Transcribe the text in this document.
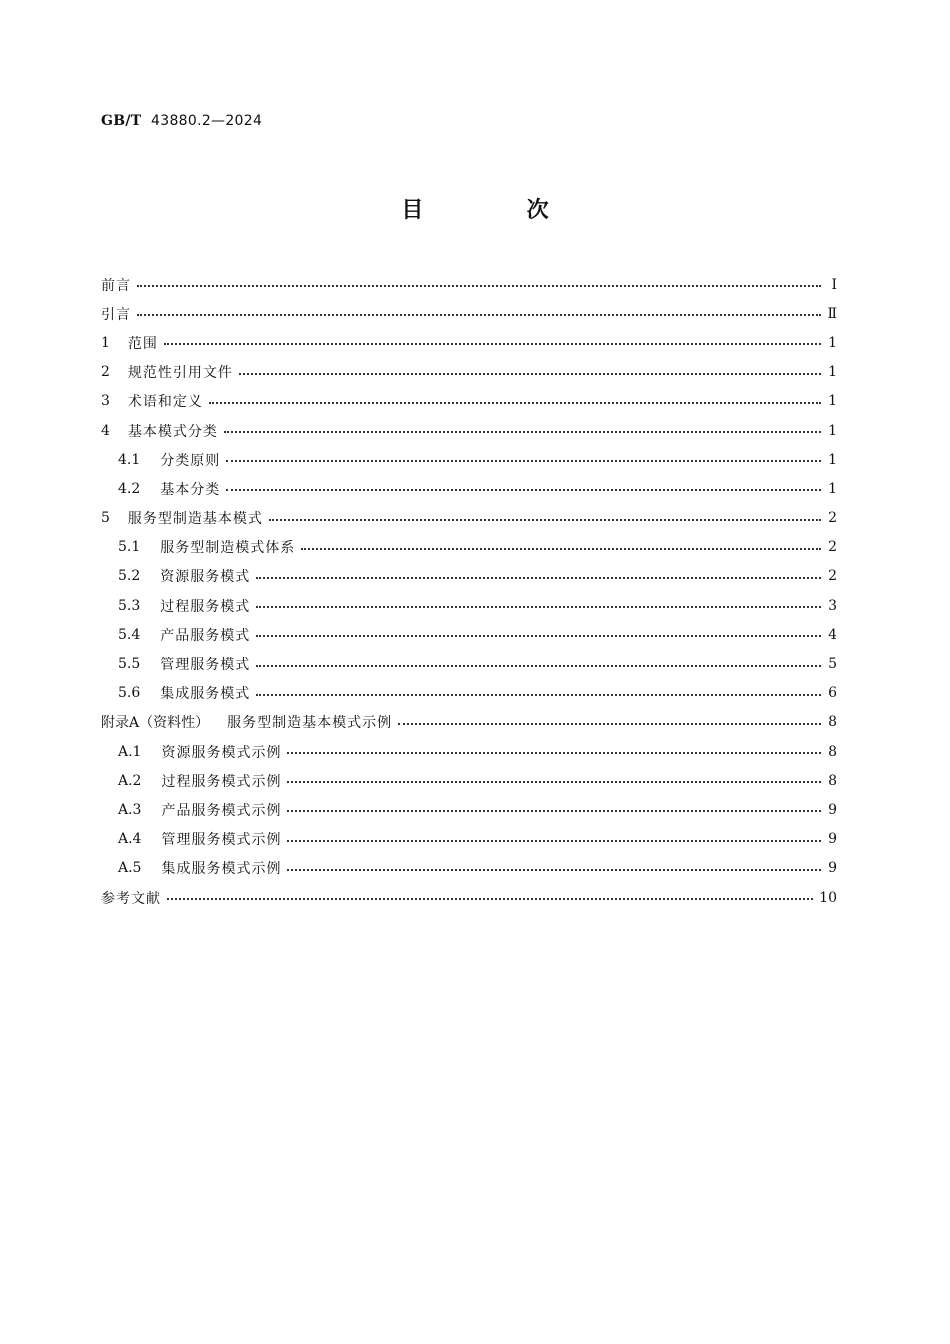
GB/T 43880.2—2024
目	次
前言	Ⅰ
引言	Ⅱ
1 范围	1
2 规范性引用文件	1
3 术语和定义	1
4 基本模式分类	1
4.1 分类原则	1
4.2 基本分类	1
5 服务型制造基本模式	2
5.1 服务型制造模式体系	2
5.2 资源服务模式	2
5.3 过程服务模式	3
5.4 产品服务模式	4
5.5 管理服务模式	5
5.6 集成服务模式	6
附录A（资料性） 服务型制造基本模式示例	8
A.1 资源服务模式示例	8
A.2 过程服务模式示例	8
A.3 产品服务模式示例	9
A.4 管理服务模式示例	9
A.5 集成服务模式示例	9
参考文献	10
